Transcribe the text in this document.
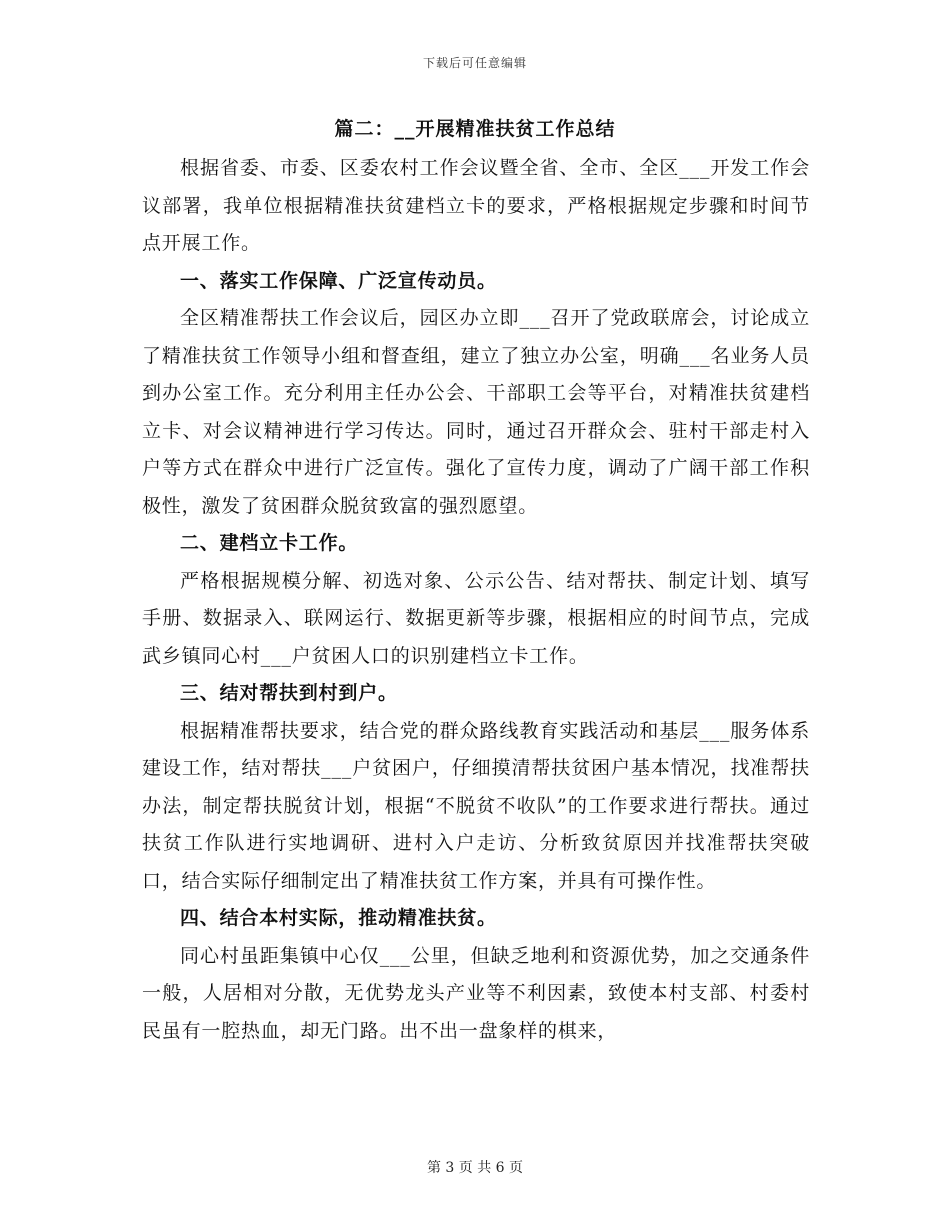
下载后可任意编辑
篇二：__开展精准扶贫工作总结

根据省委、市委、区委农村工作会议暨全省、全市、全区___开发工作会议部署，我单位根据精准扶贫建档立卡的要求，严格根据规定步骤和时间节点开展工作。

一、落实工作保障、广泛宣传动员。

全区精准帮扶工作会议后，园区办立即___召开了党政联席会，讨论成立了精准扶贫工作领导小组和督查组，建立了独立办公室，明确___名业务人员到办公室工作。充分利用主任办公会、干部职工会等平台，对精准扶贫建档立卡、对会议精神进行学习传达。同时，通过召开群众会、驻村干部走村入户等方式在群众中进行广泛宣传。强化了宣传力度，调动了广阔干部工作积极性，激发了贫困群众脱贫致富的强烈愿望。

二、建档立卡工作。

严格根据规模分解、初选对象、公示公告、结对帮扶、制定计划、填写手册、数据录入、联网运行、数据更新等步骤，根据相应的时间节点，完成武乡镇同心村___户贫困人口的识别建档立卡工作。

三、结对帮扶到村到户。

根据精准帮扶要求，结合党的群众路线教育实践活动和基层___服务体系建设工作，结对帮扶___户贫困户，仔细摸清帮扶贫困户基本情况，找准帮扶办法，制定帮扶脱贫计划，根据“不脱贫不收队”的工作要求进行帮扶。通过扶贫工作队进行实地调研、进村入户走访、分析致贫原因并找准帮扶突破口，结合实际仔细制定出了精准扶贫工作方案，并具有可操作性。

四、结合本村实际，推动精准扶贫。

同心村虽距集镇中心仅___公里，但缺乏地利和资源优势，加之交通条件一般，人居相对分散，无优势龙头产业等不利因素，致使本村支部、村委村民虽有一腔热血，却无门路。出不出一盘象样的棋来，

第 3 页 共 6 页
